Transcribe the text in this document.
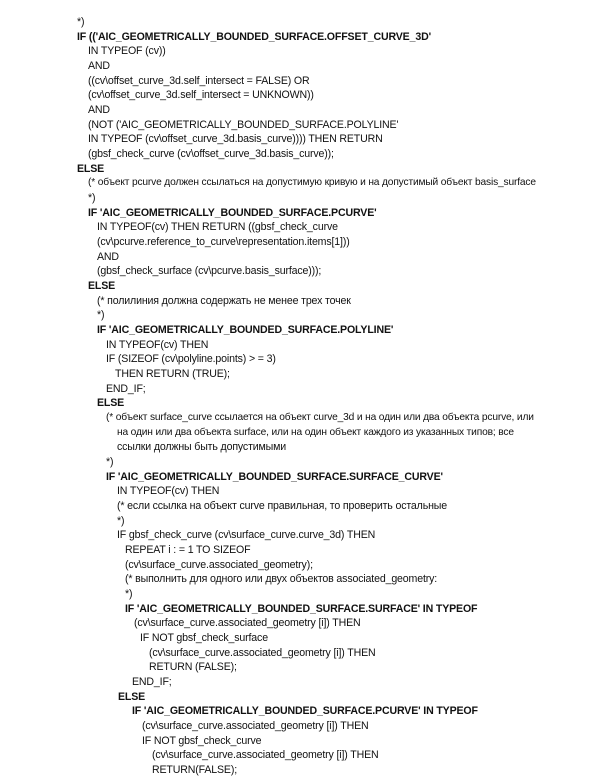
*)
IF (('AIC_GEOMETRICALLY_BOUNDED_SURFACE.OFFSET_CURVE_3D'
IN TYPEOF (cv))
AND
((cv\offset_curve_3d.self_intersect = FALSE) OR
(cv\offset_curve_3d.self_intersect = UNKNOWN))
AND
(NOT ('AIC_GEOMETRICALLY_BOUNDED_SURFACE.POLYLINE'
IN TYPEOF (cv\offset_curve_3d.basis_curve)))) THEN RETURN
(gbsf_check_curve (cv\offset_curve_3d.basis_curve));
ELSE
(* объект pcurve должен ссылаться на допустимую кривую и на допустимый объект basis_surface
*)
IF 'AIC_GEOMETRICALLY_BOUNDED_SURFACE.PCURVE'
IN TYPEOF(cv) THEN RETURN ((gbsf_check_curve
(cv\pcurve.reference_to_curve\representation.items[1]))
AND
(gbsf_check_surface (cv\pcurve.basis_surface)));
ELSE
(* полилиния должна содержать не менее трех точек
*)
IF 'AIC_GEOMETRICALLY_BOUNDED_SURFACE.POLYLINE'
IN TYPEOF(cv) THEN
IF (SIZEOF (cv\polyline.points) > = 3)
THEN RETURN (TRUE);
END_IF;
ELSE
(* объект surface_curve ссылается на объект curve_3d и на один или два объекта pcurve, или
на один или два объекта surface, или на один объект каждого из указанных типов; все
ссылки должны быть допустимыми
*)
IF 'AIC_GEOMETRICALLY_BOUNDED_SURFACE.SURFACE_CURVE'
IN TYPEOF(cv) THEN
(* если ссылка на объект curve правильная, то проверить остальные
*)
IF gbsf_check_curve (cv\surface_curve.curve_3d) THEN
REPEAT i : = 1 TO SIZEOF
(cv\surface_curve.associated_geometry);
(* выполнить для одного или двух объектов associated_geometry:
*)
IF 'AIC_GEOMETRICALLY_BOUNDED_SURFACE.SURFACE' IN TYPEOF
(cv\surface_curve.associated_geometry [i]) THEN
IF NOT gbsf_check_surface
(cv\surface_curve.associated_geometry [i]) THEN
RETURN (FALSE);
END_IF;
ELSE
IF 'AIC_GEOMETRICALLY_BOUNDED_SURFACE.PCURVE' IN TYPEOF
(cv\surface_curve.associated_geometry [i]) THEN
IF NOT gbsf_check_curve
(cv\surface_curve.associated_geometry [i]) THEN
RETURN(FALSE);
